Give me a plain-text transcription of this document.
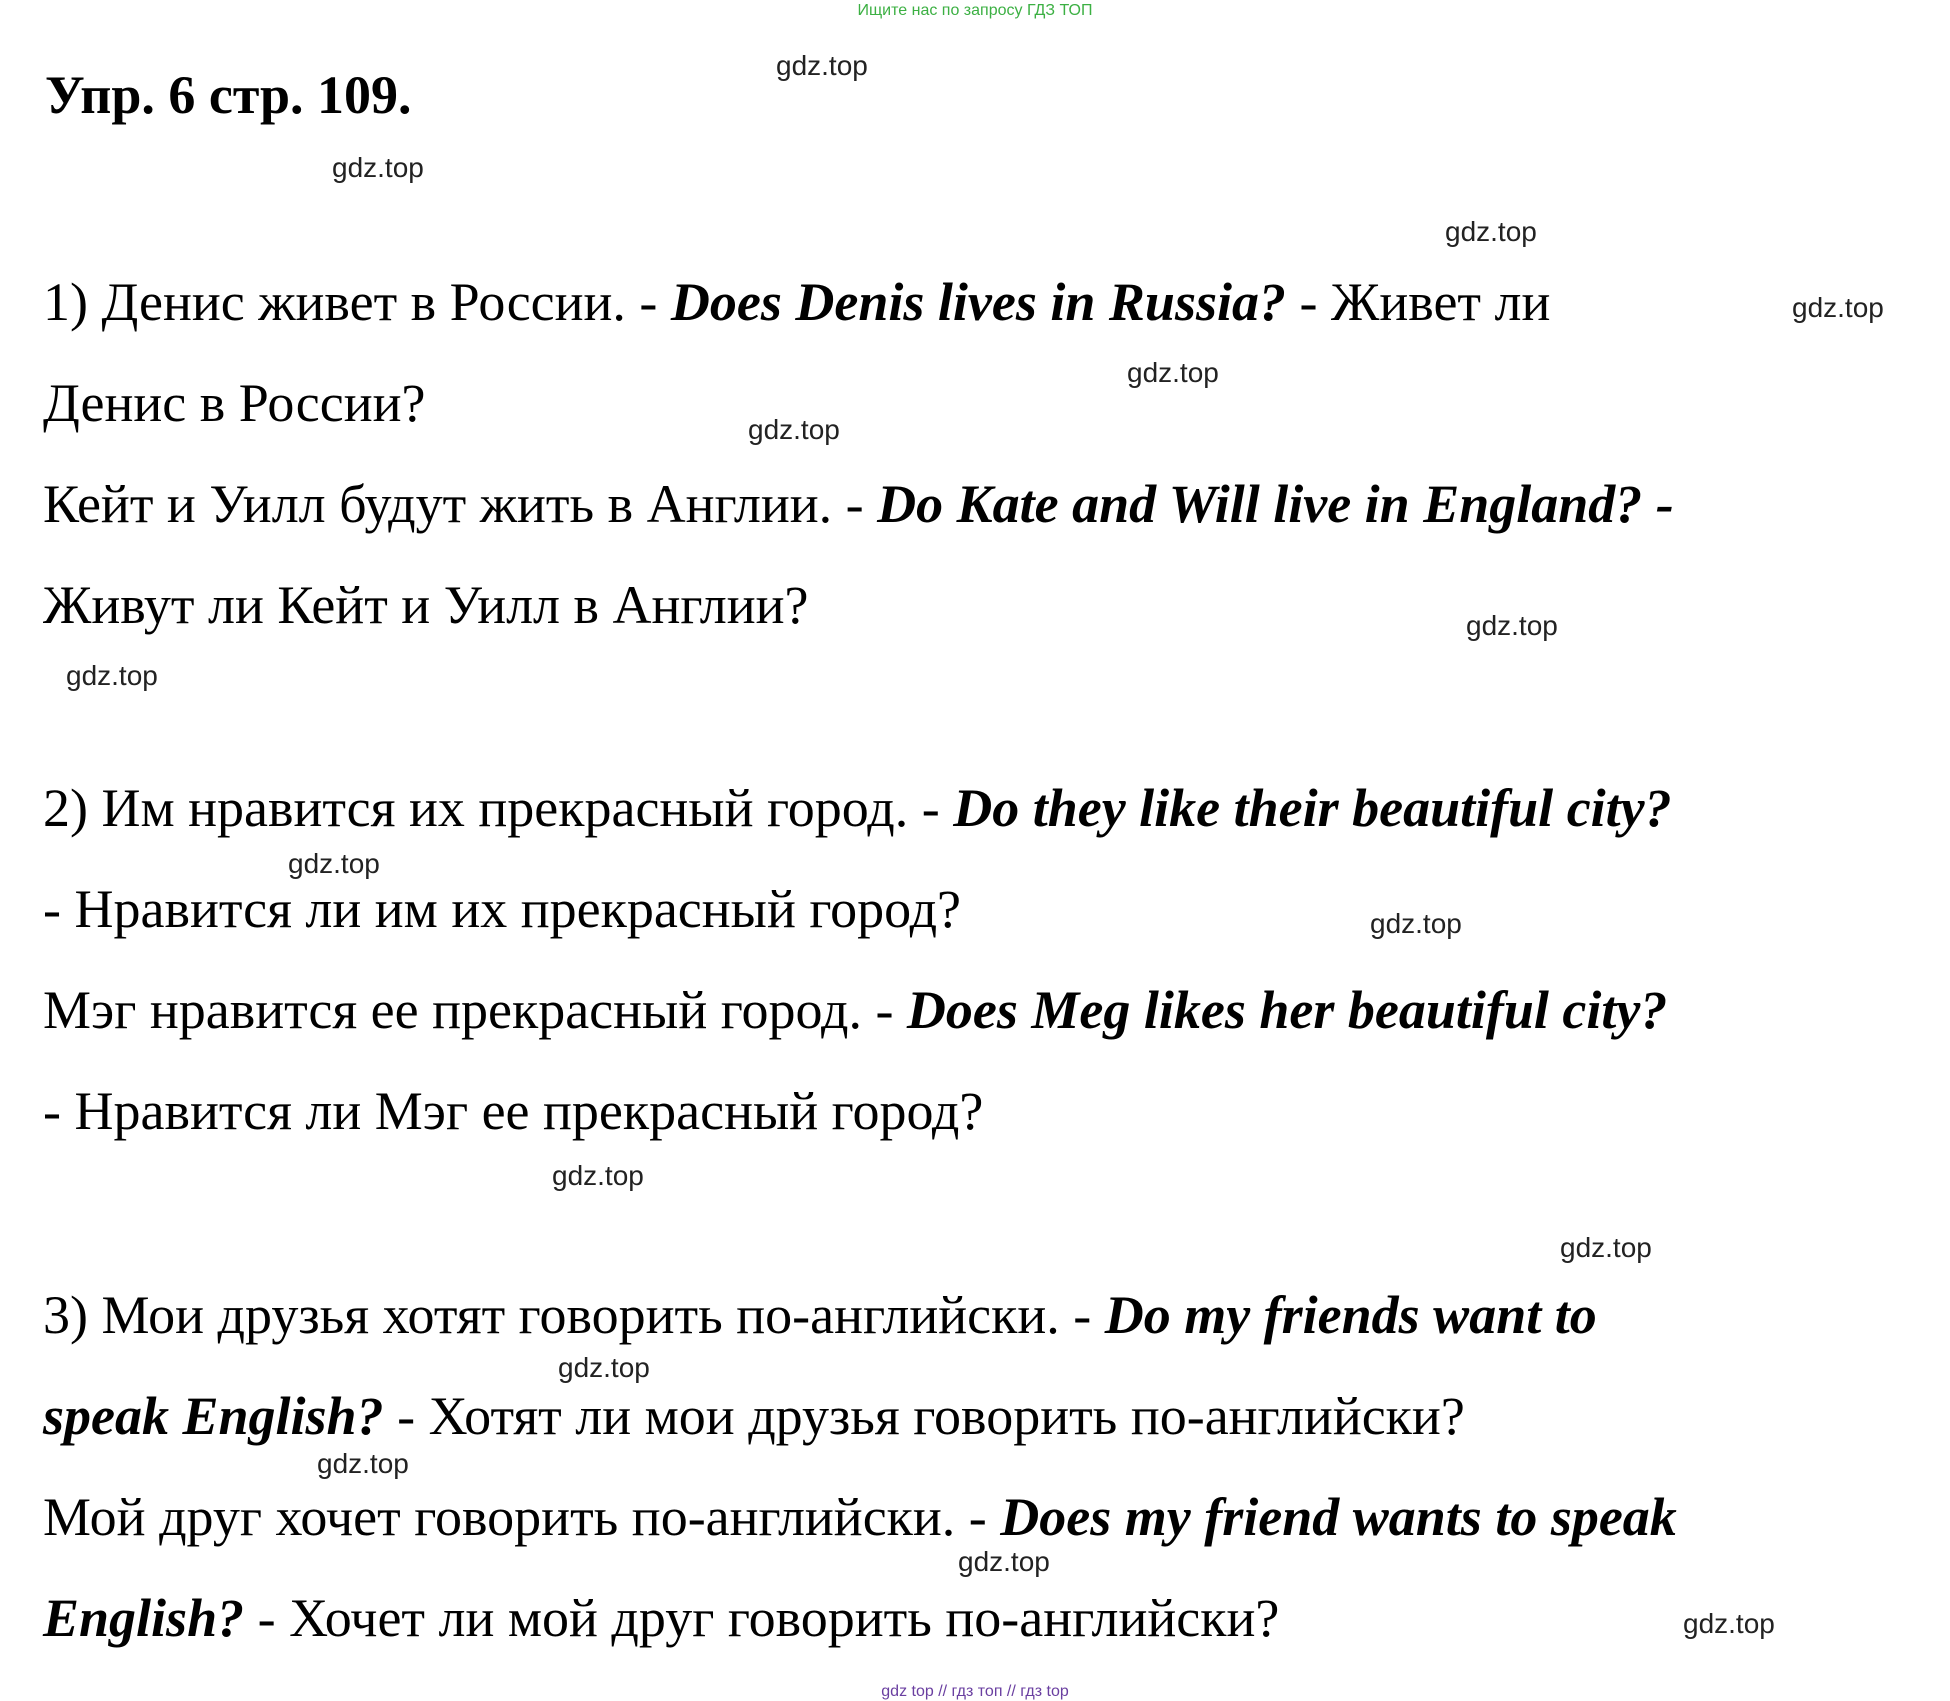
Ищите нас по запросу ГДЗ ТОП
Упр. 6 стр. 109.
1) Денис живет в России. - Does Denis lives in Russia? - Живет ли
Денис в России?
Кейт и Уилл будут жить в Англии. - Do Kate and Will live in England? -
Живут ли Кейт и Уилл в Англии?
2) Им нравится их прекрасный город. - Do they like their beautiful city?
- Нравится ли им их прекрасный город?
Мэг нравится ее прекрасный город. - Does Meg likes her beautiful city?
- Нравится ли Мэг ее прекрасный город?
3) Мои друзья хотят говорить по-английски. - Do my friends want to
speak English? - Хотят ли мои друзья говорить по-английски?
Мой друг хочет говорить по-английски. - Does my friend wants to speak
English? - Хочет ли мой друг говорить по-английски?
gdz.top
gdz.top
gdz.top
gdz.top
gdz.top
gdz.top
gdz.top
gdz.top
gdz.top
gdz.top
gdz.top
gdz.top
gdz.top
gdz.top
gdz.top
gdz.top
gdz top // гдз топ // гдз top
